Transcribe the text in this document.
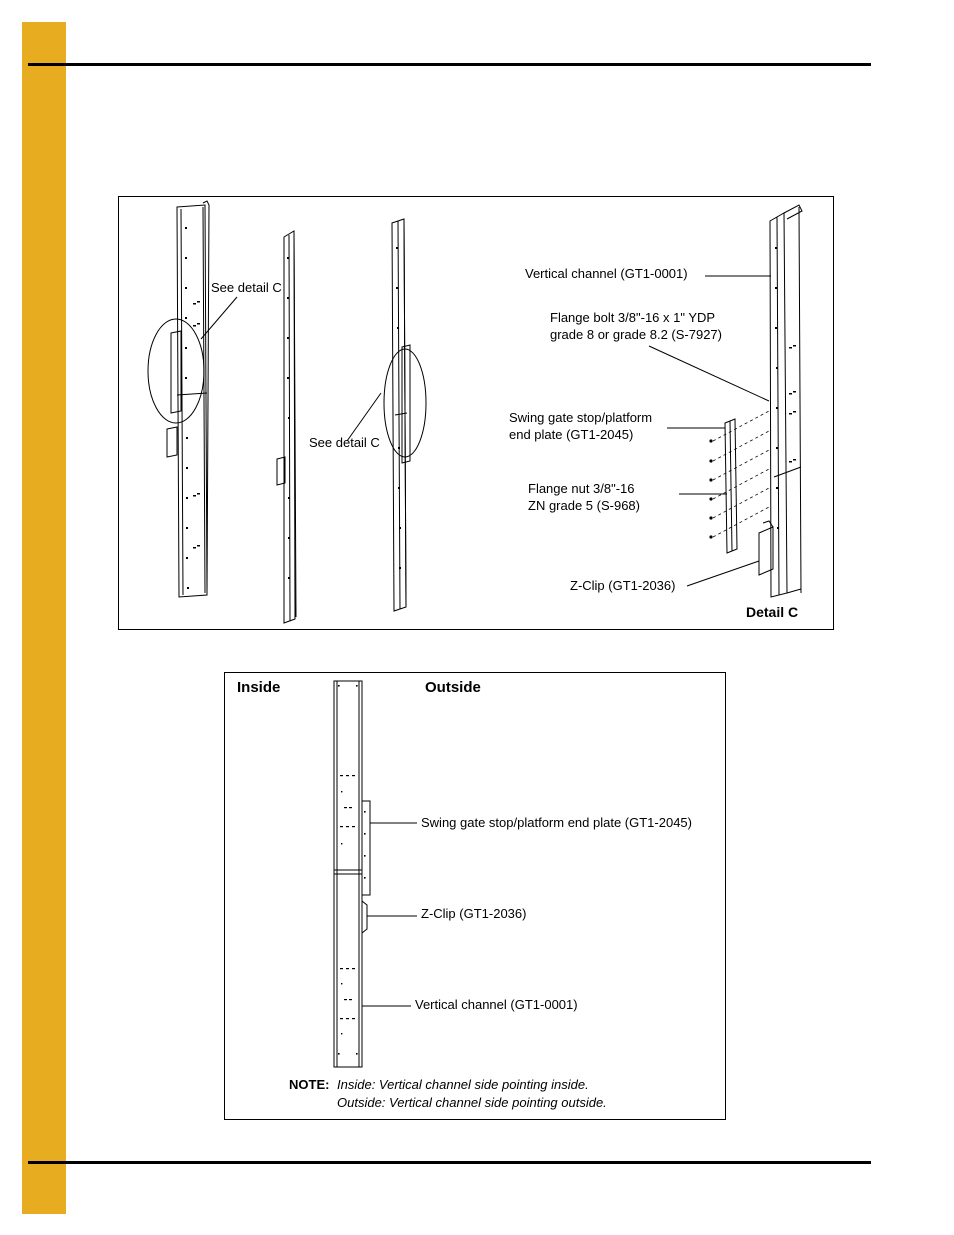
See detail C
See detail C
Vertical channel (GT1-0001)
Flange bolt 3/8"-16 x 1" YDP
grade 8 or grade 8.2 (S-7927)
Swing gate stop/platform
end plate (GT1-2045)
Flange nut 3/8"-16
ZN grade 5 (S-968)
Z-Clip (GT1-2036)
Detail C
Inside	Outside
Swing gate stop/platform end plate (GT1-2045)
Z-Clip (GT1-2036)
Vertical channel (GT1-0001)
NOTE: Inside: Vertical channel side pointing inside.
Outside: Vertical channel side pointing outside.
